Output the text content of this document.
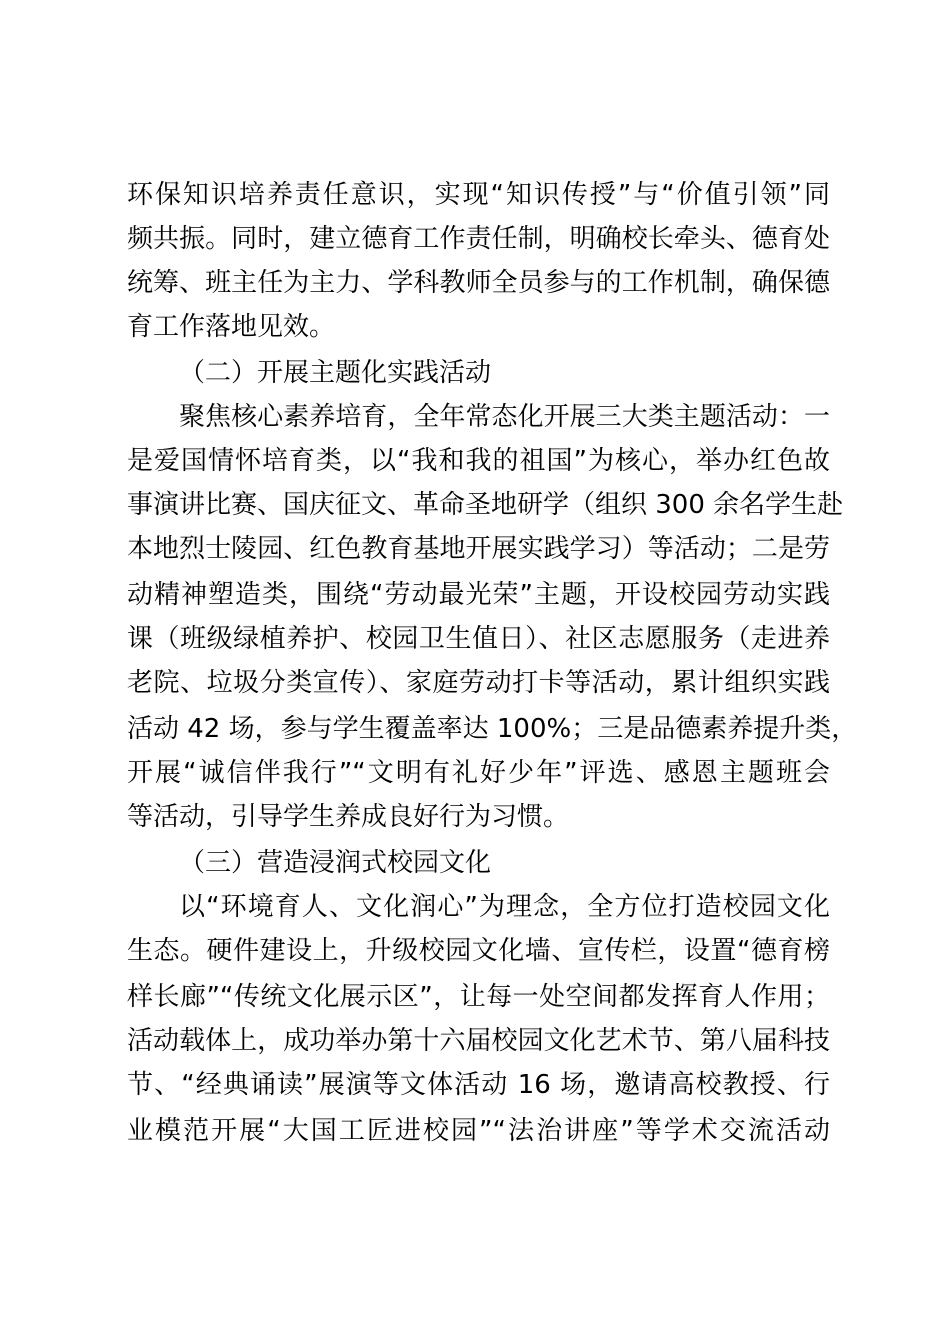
环保知识培养责任意识，实现“知识传授”与“价值引领”同
频共振。同时，建立德育工作责任制，明确校长牵头、德育处
统筹、班主任为主力、学科教师全员参与的工作机制，确保德
育工作落地见效。
（二）开展主题化实践活动
聚焦核心素养培育，全年常态化开展三大类主题活动：一
是爱国情怀培育类，以“我和我的祖国”为核心，举办红色故
事演讲比赛、国庆征文、革命圣地研学（组织 300 余名学生赴
本地烈士陵园、红色教育基地开展实践学习）等活动；二是劳
动精神塑造类，围绕“劳动最光荣”主题，开设校园劳动实践
课（班级绿植养护、校园卫生值日）、社区志愿服务（走进养
老院、垃圾分类宣传）、家庭劳动打卡等活动，累计组织实践
活动 42 场，参与学生覆盖率达 100%；三是品德素养提升类，
开展“诚信伴我行”“文明有礼好少年”评选、感恩主题班会
等活动，引导学生养成良好行为习惯。
（三）营造浸润式校园文化
以“环境育人、文化润心”为理念，全方位打造校园文化
生态。硬件建设上，升级校园文化墙、宣传栏，设置“德育榜
样长廊”“传统文化展示区”，让每一处空间都发挥育人作用；
活动载体上，成功举办第十六届校园文化艺术节、第八届科技
节、“经典诵读”展演等文体活动 16 场，邀请高校教授、行
业模范开展“大国工匠进校园”“法治讲座”等学术交流活动
